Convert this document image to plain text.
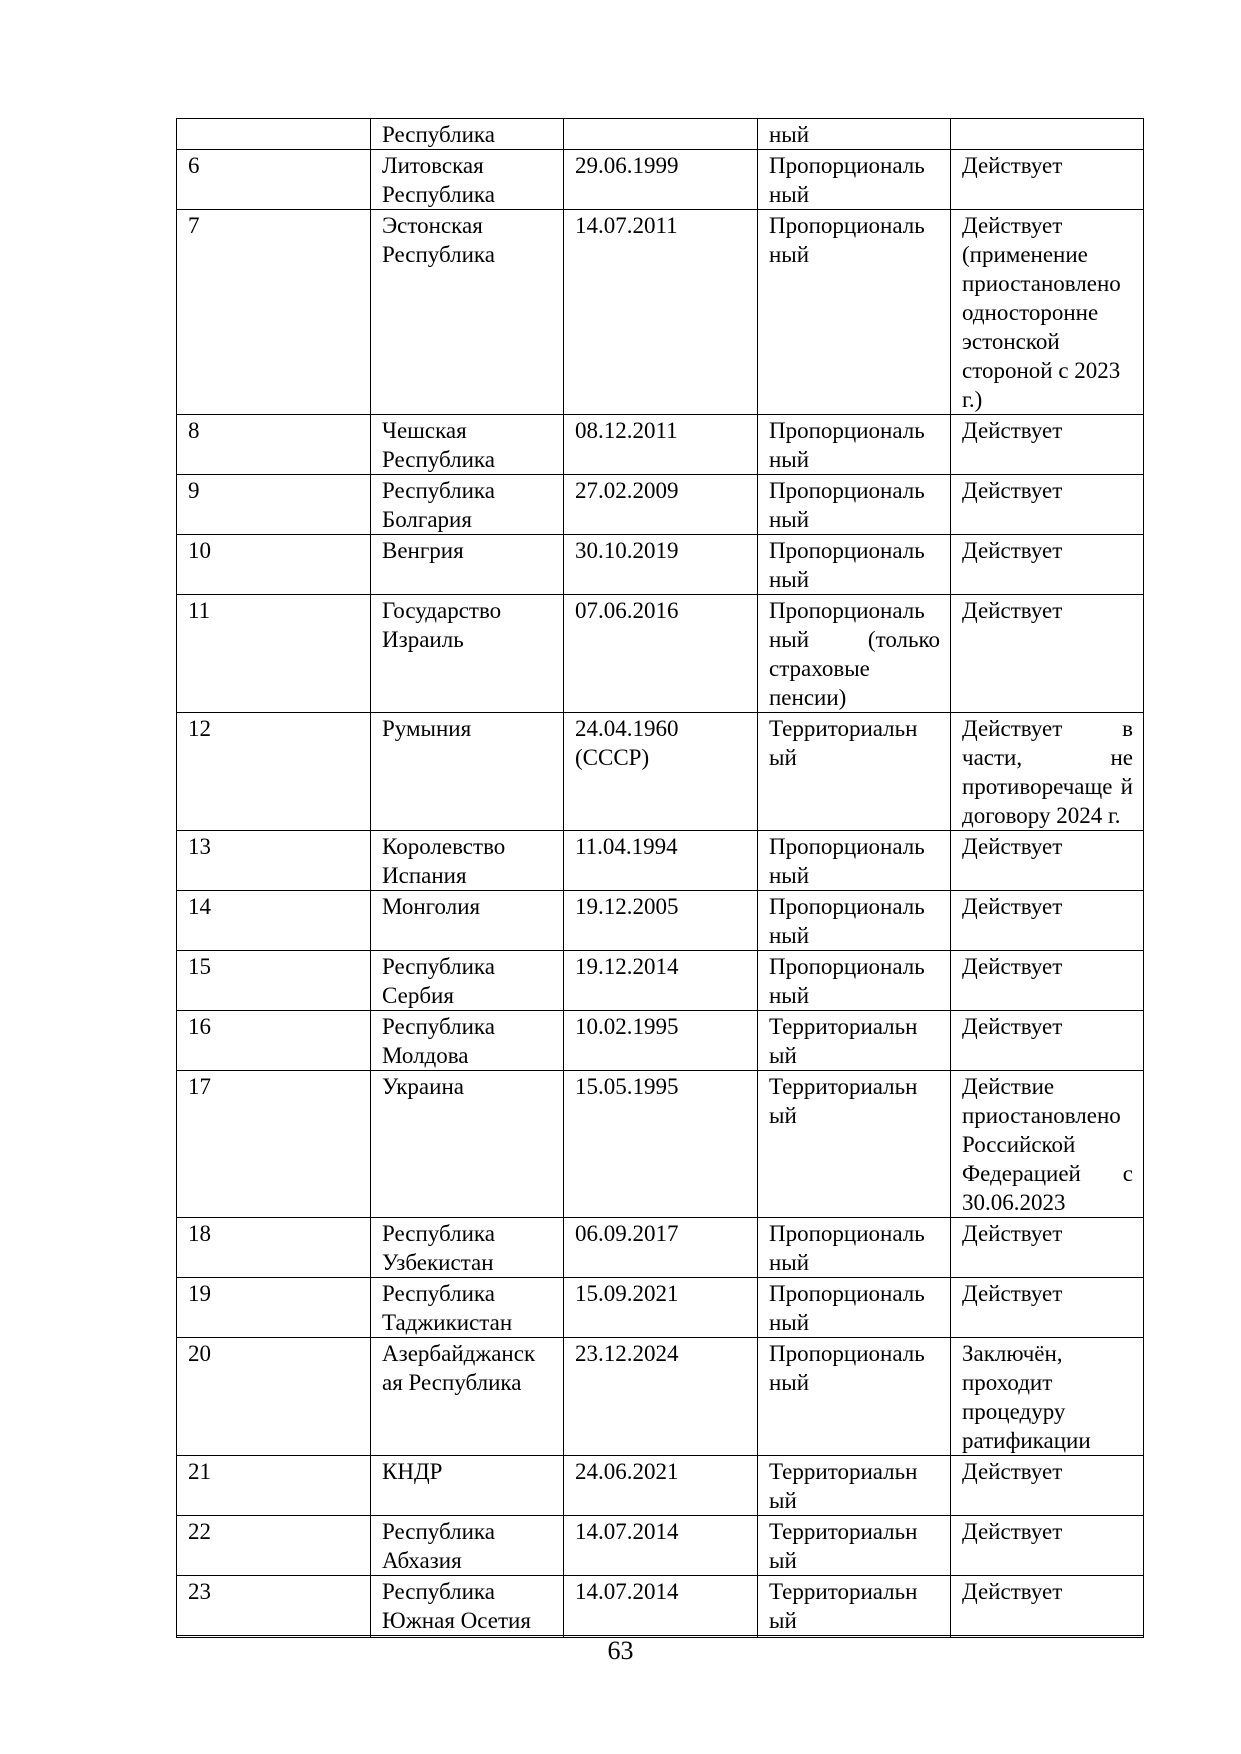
	Республика		ный	
6	Литовская Республика	29.06.1999	Пропорциональ ный	Действует
7	Эстонская Республика	14.07.2011	Пропорциональ ный	Действует (применение приостановлено односторонне эстонской стороной с 2023 г.)
8	Чешская Республика	08.12.2011	Пропорциональ ный	Действует
9	Республика Болгария	27.02.2009	Пропорциональ ный	Действует
10	Венгрия	30.10.2019	Пропорциональ ный	Действует
11	Государство Израиль	07.06.2016	Пропорциональ ный (только страховые пенсии)	Действует
12	Румыния	24.04.1960 (СССР)	Территориальн ый	Действует в части, не противоречаще й договору 2024 г.
13	Королевство Испания	11.04.1994	Пропорциональ ный	Действует
14	Монголия	19.12.2005	Пропорциональ ный	Действует
15	Республика Сербия	19.12.2014	Пропорциональ ный	Действует
16	Республика Молдова	10.02.1995	Территориальн ый	Действует
17	Украина	15.05.1995	Территориальн ый	Действие приостановлено Российской Федерацией с 30.06.2023
18	Республика Узбекистан	06.09.2017	Пропорциональ ный	Действует
19	Республика Таджикистан	15.09.2021	Пропорциональ ный	Действует
20	Азербайджанск ая Республика	23.12.2024	Пропорциональ ный	Заключён, проходит процедуру ратификации
21	КНДР	24.06.2021	Территориальн ый	Действует
22	Республика Абхазия	14.07.2014	Территориальн ый	Действует
23	Республика Южная Осетия	14.07.2014	Территориальн ый	Действует

63
